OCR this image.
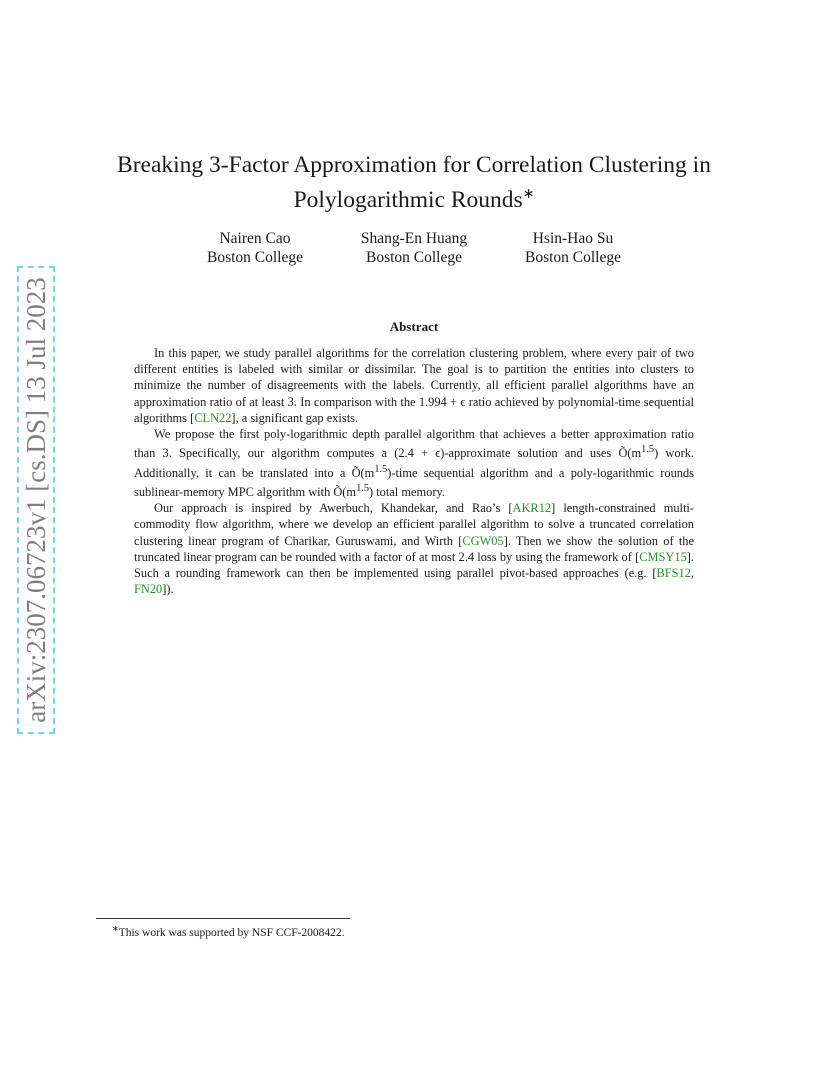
arXiv:2307.06723v1 [cs.DS] 13 Jul 2023
Breaking 3-Factor Approximation for Correlation Clustering in
Polylogarithmic Rounds∗
Nairen Cao
Boston College
Shang-En Huang
Boston College
Hsin-Hao Su
Boston College
Abstract

In this paper, we study parallel algorithms for the correlation clustering problem, where every pair of two different entities is labeled with similar or dissimilar. The goal is to partition the entities into clusters to minimize the number of disagreements with the labels. Currently, all efficient parallel algorithms have an approximation ratio of at least 3. In comparison with the 1.994 + ϵ ratio achieved by polynomial-time sequential algorithms [CLN22], a significant gap exists.

We propose the first poly-logarithmic depth parallel algorithm that achieves a better approximation ratio than 3. Specifically, our algorithm computes a (2.4 + ϵ)-approximate solution and uses $Õ(m^{1.5})$ work. Additionally, it can be translated into a $Õ(m^{1.5})$-time sequential algorithm and a poly-logarithmic rounds sublinear-memory MPC algorithm with $Õ(m^{1.5})$ total memory.

Our approach is inspired by Awerbuch, Khandekar, and Rao’s [AKR12] length-constrained multi-commodity flow algorithm, where we develop an efficient parallel algorithm to solve a truncated correlation clustering linear program of Charikar, Guruswami, and Wirth [CGW05]. Then we show the solution of the truncated linear program can be rounded with a factor of at most 2.4 loss by using the framework of [CMSY15]. Such a rounding framework can then be implemented using parallel pivot-based approaches (e.g. [BFS12, FN20]).

∗This work was supported by NSF CCF-2008422.
